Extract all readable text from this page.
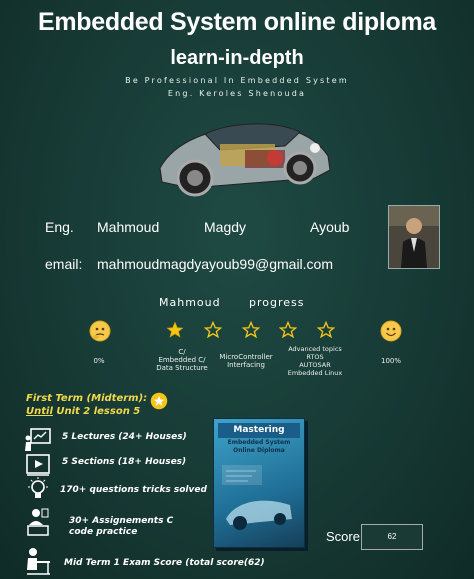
Embedded System online diploma
learn-in-depth
Be Professional In Embedded System
Eng. Keroles Shenouda
Eng. Mahmoud	Magdy	Ayoub
email: mahmoudmagdyayoub99@gmail.com
Mahmoud	progress
0%
C/
Embedded C/
Data Structure
MicroController Interfacing
Advanced topics
RTOS
AUTOSAR
Embedded Linux
100%
First Term (Midterm):
Until Unit 2 lesson 5
5 Lectures (24+ Houses)
5 Sections (18+ Houses)
170+ questions tricks solved
30+ Assignements C
code practice
Mid Term 1 Exam Score (total score(62)
Mastering
Embedded System
Online Diploma
Score
62
